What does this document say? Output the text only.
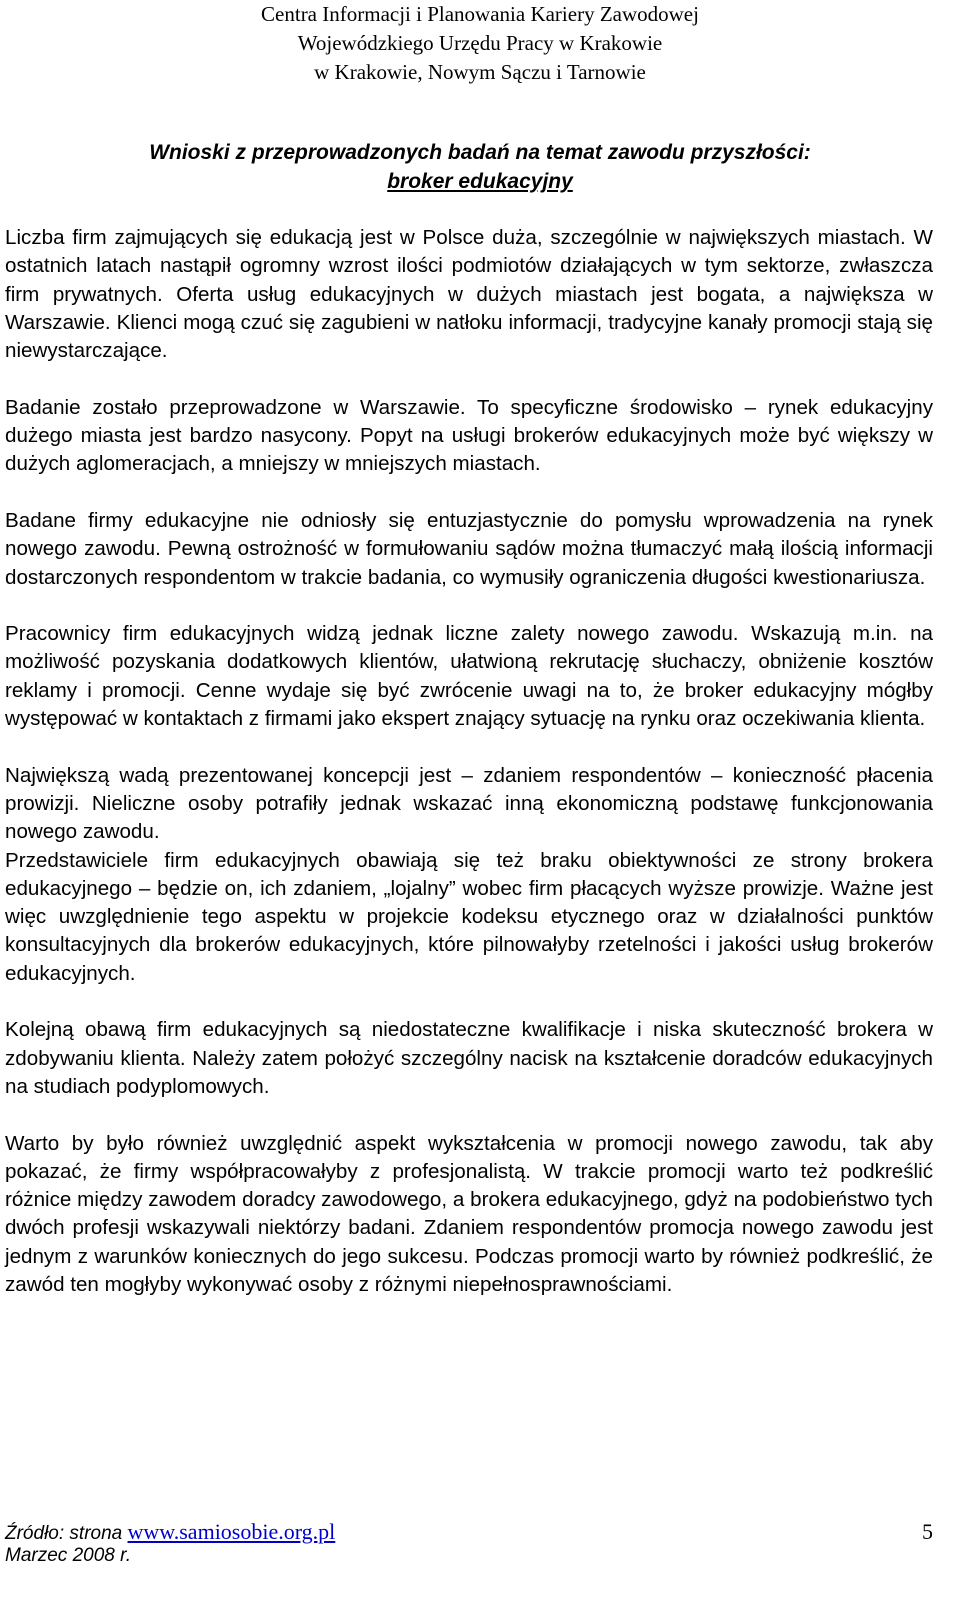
Centra Informacji i Planowania Kariery Zawodowej
Wojewódzkiego Urzędu Pracy w Krakowie
w Krakowie, Nowym Sączu i Tarnowie
Wnioski z przeprowadzonych badań na temat zawodu przyszłości:
broker edukacyjny

Liczba firm zajmujących się edukacją jest w Polsce duża, szczególnie w największych miastach. W ostatnich latach nastąpił ogromny wzrost ilości podmiotów działających w tym sektorze, zwłaszcza firm prywatnych. Oferta usług edukacyjnych w dużych miastach jest bogata, a największa w Warszawie. Klienci mogą czuć się zagubieni w natłoku informacji, tradycyjne kanały promocji stają się niewystarczające.

Badanie zostało przeprowadzone w Warszawie. To specyficzne środowisko – rynek edukacyjny dużego miasta jest bardzo nasycony. Popyt na usługi brokerów edukacyjnych może być większy w dużych aglomeracjach, a mniejszy w mniejszych miastach.

Badane firmy edukacyjne nie odniosły się entuzjastycznie do pomysłu wprowadzenia na rynek nowego zawodu. Pewną ostrożność w formułowaniu sądów można tłumaczyć małą ilością informacji dostarczonych respondentom w trakcie badania, co wymusiły ograniczenia długości kwestionariusza.

Pracownicy firm edukacyjnych widzą jednak liczne zalety nowego zawodu. Wskazują m.in. na możliwość pozyskania dodatkowych klientów, ułatwioną rekrutację słuchaczy, obniżenie kosztów reklamy i promocji. Cenne wydaje się być zwrócenie uwagi na to, że broker edukacyjny mógłby występować w kontaktach z firmami jako ekspert znający sytuację na rynku oraz oczekiwania klienta.

Największą wadą prezentowanej koncepcji jest – zdaniem respondentów – konieczność płacenia prowizji. Nieliczne osoby potrafiły jednak wskazać inną ekonomiczną podstawę funkcjonowania nowego zawodu.

Przedstawiciele firm edukacyjnych obawiają się też braku obiektywności ze strony brokera edukacyjnego – będzie on, ich zdaniem, „lojalny” wobec firm płacących wyższe prowizje. Ważne jest więc uwzględnienie tego aspektu w projekcie kodeksu etycznego oraz w działalności punktów konsultacyjnych dla brokerów edukacyjnych, które pilnowałyby rzetelności i jakości usług brokerów edukacyjnych.

Kolejną obawą firm edukacyjnych są niedostateczne kwalifikacje i niska skuteczność brokera w zdobywaniu klienta. Należy zatem położyć szczególny nacisk na kształcenie doradców edukacyjnych na studiach podyplomowych.

Warto by było również uwzględnić aspekt wykształcenia w promocji nowego zawodu, tak aby pokazać, że firmy współpracowałyby z profesjonalistą. W trakcie promocji warto też podkreślić różnice między zawodem doradcy zawodowego, a brokera edukacyjnego, gdyż na podobieństwo tych dwóch profesji wskazywali niektórzy badani. Zdaniem respondentów promocja nowego zawodu jest jednym z warunków koniecznych do jego sukcesu. Podczas promocji warto by również podkreślić, że zawód ten mogłyby wykonywać osoby z różnymi niepełnosprawnościami.

Źródło: strona www.samiosobie.org.pl	5
Marzec 2008 r.
